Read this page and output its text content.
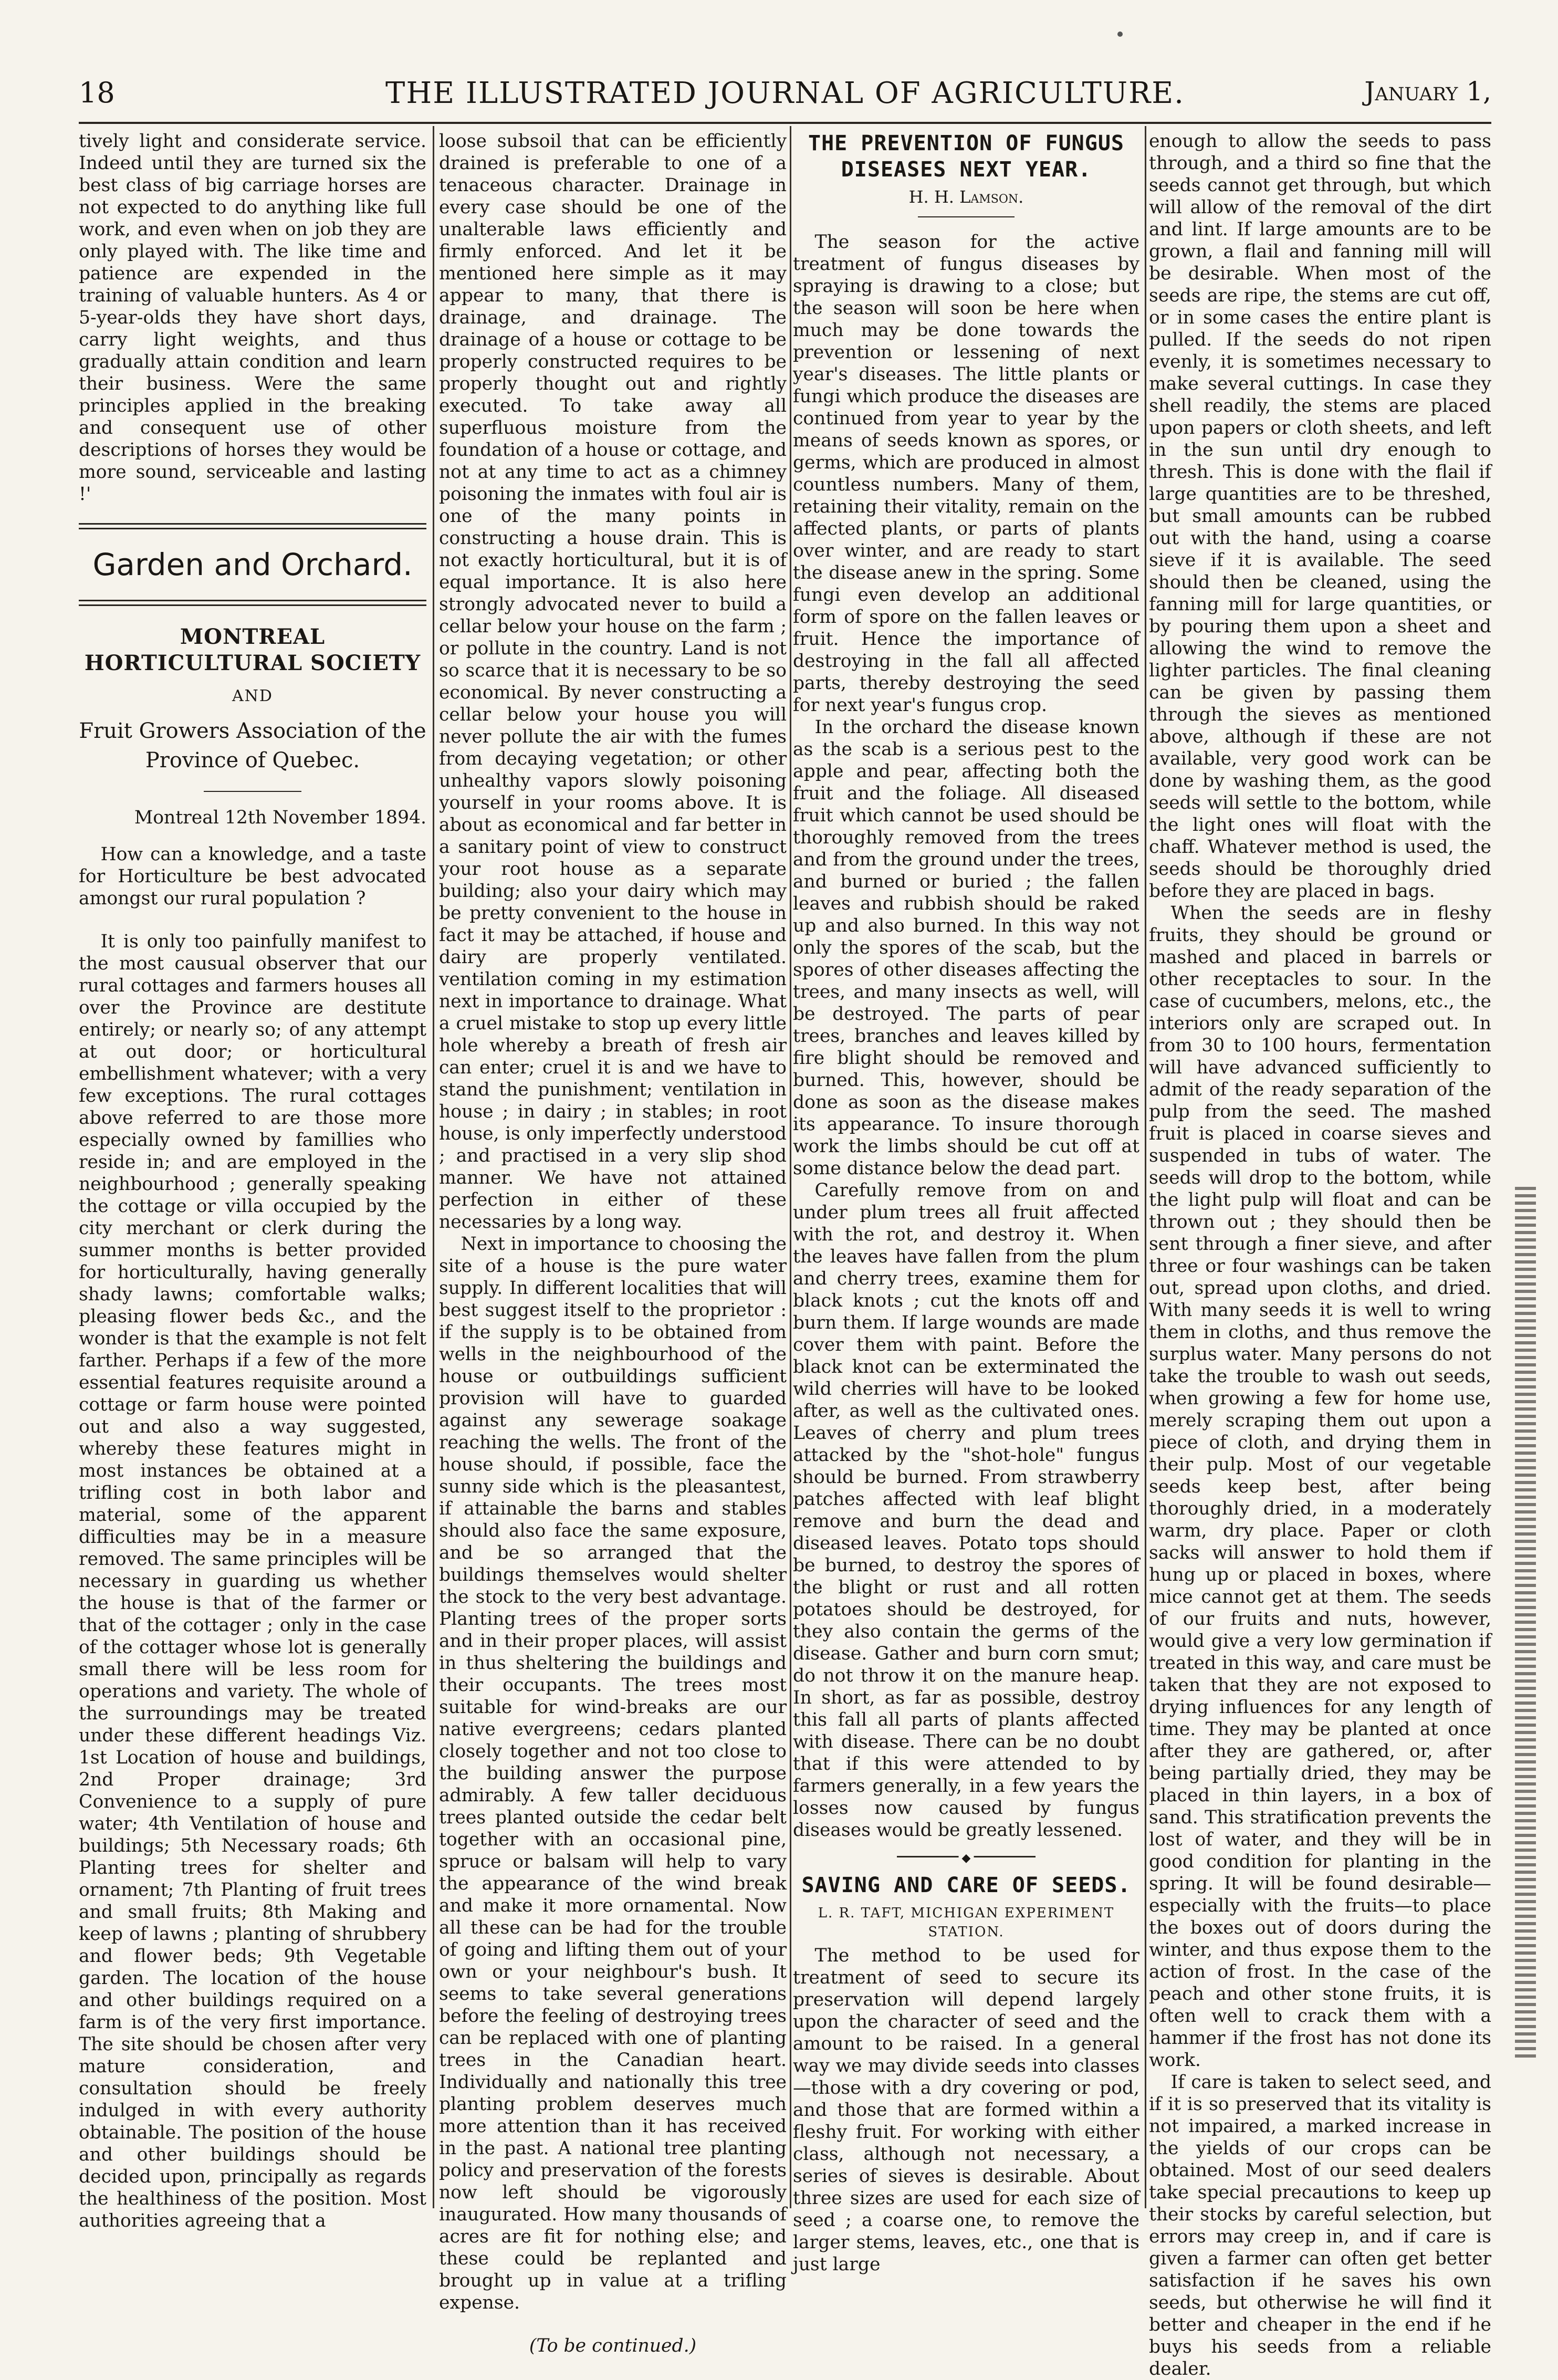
18	THE ILLUSTRATED JOURNAL OF AGRICULTURE.	January 1,

tively light and considerate service. Indeed until they are turned six the best class of big carriage horses are not expected to do anything like full work, and even when on job they are only played with. The like time and patience are expended in the training of valuable hunters. As 4 or 5-year-olds they have short days, carry light weights, and thus gradually attain condition and learn their business. Were the same principles applied in the breaking and consequent use of other descriptions of horses they would be more sound, serviceable and lasting !'

Garden and Orchard.
MONTREAL HORTICULTURAL SOCIETY
AND
Fruit Growers Association of the Province of Quebec.
Montreal 12th November 1894.

How can a knowledge, and a taste for Horticulture be best advocated amongst our rural population ?

It is only too painfully manifest to the most causual observer that our rural cottages and farmers houses all over the Province are destitute entirely; or nearly so; of any attempt at out door; or horticultural embellishment whatever; with a very few exceptions. The rural cottages above referred to are those more especially owned by famillies who reside in; and are employed in the neighbourhood ; generally speaking the cottage or villa occupied by the city merchant or clerk during the summer months is better provided for horticulturally, having generally shady lawns; comfortable walks; pleasing flower beds &c., and the wonder is that the example is not felt farther. Perhaps if a few of the more essential features requisite around a cottage or farm house were pointed out and also a way suggested, whereby these features might in most instances be obtained at a trifling cost in both labor and material, some of the apparent difficulties may be in a measure removed. The same principles will be necessary in guarding us whether the house is that of the farmer or that of the cottager ; only in the case of the cottager whose lot is generally small there will be less room for operations and variety. The whole of the surroundings may be treated under these different headings Viz. 1st Location of house and buildings, 2nd Proper drainage; 3rd Convenience to a supply of pure water; 4th Ventilation of house and buildings; 5th Necessary roads; 6th Planting trees for shelter and ornament; 7th Planting of fruit trees and small fruits; 8th Making and keep of lawns ; planting of shrubbery and flower beds; 9th Vegetable garden. The location of the house and other buildings required on a farm is of the very first importance. The site should be chosen after very mature consideration, and consultation should be freely indulged in with every authority obtainable. The position of the house and other buildings should be decided upon, principally as regards the healthiness of the position. Most authorities agreeing that a

loose subsoil that can be efficiently drained is preferable to one of a tenaceous character. Drainage in every case should be one of the unalterable laws efficiently and firmly enforced. And let it be mentioned here simple as it may appear to many, that there is drainage, and drainage. The drainage of a house or cottage to be properly constructed requires to be properly thought out and rightly executed. To take away all superfluous moisture from the foundation of a house or cottage, and not at any time to act as a chimney poisoning the inmates with foul air is one of the many points in constructing a house drain. This is not exactly horticultural, but it is of equal importance. It is also here strongly advocated never to build a cellar below your house on the farm ; or pollute in the country. Land is not so scarce that it is necessary to be so economical. By never constructing a cellar below your house you will never pollute the air with the fumes from decaying vegetation; or other unhealthy vapors slowly poisoning yourself in your rooms above. It is about as economical and far better in a sanitary point of view to construct your root house as a separate building; also your dairy which may be pretty convenient to the house in fact it may be attached, if house and dairy are properly ventilated. ventilation coming in my estimation next in importance to drainage. What a cruel mistake to stop up every little hole whereby a breath of fresh air can enter; cruel it is and we have to stand the punishment; ventilation in house ; in dairy ; in stables; in root house, is only imperfectly understood ; and practised in a very slip shod manner. We have not attained perfection in either of these necessaries by a long way.

Next in importance to choosing the site of a house is the pure water supply. In different localities that will best suggest itself to the proprietor : if the supply is to be obtained from wells in the neighbourhood of the house or outbuildings sufficient provision will have to guarded against any sewerage soakage reaching the wells. The front of the house should, if possible, face the sunny side which is the pleasantest, if attainable the barns and stables should also face the same exposure, and be so arranged that the buildings themselves would shelter the stock to the very best advantage. Planting trees of the proper sorts and in their proper places, will assist in thus sheltering the buildings and their occupants. The trees most suitable for wind-breaks are our native evergreens; cedars planted closely together and not too close to the building answer the purpose admirably. A few taller deciduous trees planted outside the cedar belt together with an occasional pine, spruce or balsam will help to vary the appearance of the wind break and make it more ornamental. Now all these can be had for the trouble of going and lifting them out of your own or your neighbour's bush. It seems to take several generations before the feeling of destroying trees can be replaced with one of planting trees in the Canadian heart. Individually and nationally this tree planting problem deserves much more attention than it has received in the past. A national tree planting policy and preservation of the forests now left should be vigorously inaugurated. How many thousands of acres are fit for nothing else; and these could be replanted and brought up in value at a trifling expense.

(To be continued.)
THE PREVENTION OF FUNGUS DISEASES NEXT YEAR.
H. H. Lamson.

The season for the active treatment of fungus diseases by spraying is drawing to a close; but the season will soon be here when much may be done towards the prevention or lessening of next year's diseases. The little plants or fungi which produce the diseases are continued from year to year by the means of seeds known as spores, or germs, which are produced in almost countless numbers. Many of them, retaining their vitality, remain on the affected plants, or parts of plants over winter, and are ready to start the disease anew in the spring. Some fungi even develop an additional form of spore on the fallen leaves or fruit. Hence the importance of destroying in the fall all affected parts, thereby destroying the seed for next year's fungus crop.

In the orchard the disease known as the scab is a serious pest to the apple and pear, affecting both the fruit and the foliage. All diseased fruit which cannot be used should be thoroughly removed from the trees and from the ground under the trees, and burned or buried ; the fallen leaves and rubbish should be raked up and also burned. In this way not only the spores of the scab, but the spores of other diseases affecting the trees, and many insects as well, will be destroyed. The parts of pear trees, branches and leaves killed by fire blight should be removed and burned. This, however, should be done as soon as the disease makes its appearance. To insure thorough work the limbs should be cut off at some distance below the dead part.

Carefully remove from on and under plum trees all fruit affected with the rot, and destroy it. When the leaves have fallen from the plum and cherry trees, examine them for black knots ; cut the knots off and burn them. If large wounds are made cover them with paint. Before the black knot can be exterminated the wild cherries will have to be looked after, as well as the cultivated ones. Leaves of cherry and plum trees attacked by the "shot-hole" fungus should be burned. From strawberry patches affected with leaf blight remove and burn the dead and diseased leaves. Potato tops should be burned, to destroy the spores of the blight or rust and all rotten potatoes should be destroyed, for they also contain the germs of the disease. Gather and burn corn smut; do not throw it on the manure heap. In short, as far as possible, destroy this fall all parts of plants affected with disease. There can be no doubt that if this were attended to by farmers generally, in a few years the losses now caused by fungus diseases would be greatly lessened.

◆
SAVING AND CARE OF SEEDS.
L. R. TAFT, MICHIGAN EXPERIMENT STATION.

The method to be used for treatment of seed to secure its preservation will depend largely upon the character of seed and the amount to be raised. In a general way we may divide seeds into classes—those with a dry covering or pod, and those that are formed within a fleshy fruit. For working with either class, although not necessary, a series of sieves is desirable. About three sizes are used for each size of seed ; a coarse one, to remove the larger stems, leaves, etc., one that is just large

enough to allow the seeds to pass through, and a third so fine that the seeds cannot get through, but which will allow of the removal of the dirt and lint. If large amounts are to be grown, a flail and fanning mill will be desirable. When most of the seeds are ripe, the stems are cut off, or in some cases the entire plant is pulled. If the seeds do not ripen evenly, it is sometimes necessary to make several cuttings. In case they shell readily, the stems are placed upon papers or cloth sheets, and left in the sun until dry enough to thresh. This is done with the flail if large quantities are to be threshed, but small amounts can be rubbed out with the hand, using a coarse sieve if it is available. The seed should then be cleaned, using the fanning mill for large quantities, or by pouring them upon a sheet and allowing the wind to remove the lighter particles. The final cleaning can be given by passing them through the sieves as mentioned above, although if these are not available, very good work can be done by washing them, as the good seeds will settle to the bottom, while the light ones will float with the chaff. Whatever method is used, the seeds should be thoroughly dried before they are placed in bags.

When the seeds are in fleshy fruits, they should be ground or mashed and placed in barrels or other receptacles to sour. In the case of cucumbers, melons, etc., the interiors only are scraped out. In from 30 to 100 hours, fermentation will have advanced sufficiently to admit of the ready separation of the pulp from the seed. The mashed fruit is placed in coarse sieves and suspended in tubs of water. The seeds will drop to the bottom, while the light pulp will float and can be thrown out ; they should then be sent through a finer sieve, and after three or four washings can be taken out, spread upon cloths, and dried. With many seeds it is well to wring them in cloths, and thus remove the surplus water. Many persons do not take the trouble to wash out seeds, when growing a few for home use, merely scraping them out upon a piece of cloth, and drying them in their pulp. Most of our vegetable seeds keep best, after being thoroughly dried, in a moderately warm, dry place. Paper or cloth sacks will answer to hold them if hung up or placed in boxes, where mice cannot get at them. The seeds of our fruits and nuts, however, would give a very low germination if treated in this way, and care must be taken that they are not exposed to drying influences for any length of time. They may be planted at once after they are gathered, or, after being partially dried, they may be placed in thin layers, in a box of sand. This stratification prevents the lost of water, and they will be in good condition for planting in the spring. It will be found desirable—especially with the fruits—to place the boxes out of doors during the winter, and thus expose them to the action of frost. In the case of the peach and other stone fruits, it is often well to crack them with a hammer if the frost has not done its work.

If care is taken to select seed, and if it is so preserved that its vitality is not impaired, a marked increase in the yields of our crops can be obtained. Most of our seed dealers take special precautions to keep up their stocks by careful selection, but errors may creep in, and if care is given a farmer can often get better satisfaction if he saves his own seeds, but otherwise he will find it better and cheaper in the end if he buys his seeds from a reliable dealer.
